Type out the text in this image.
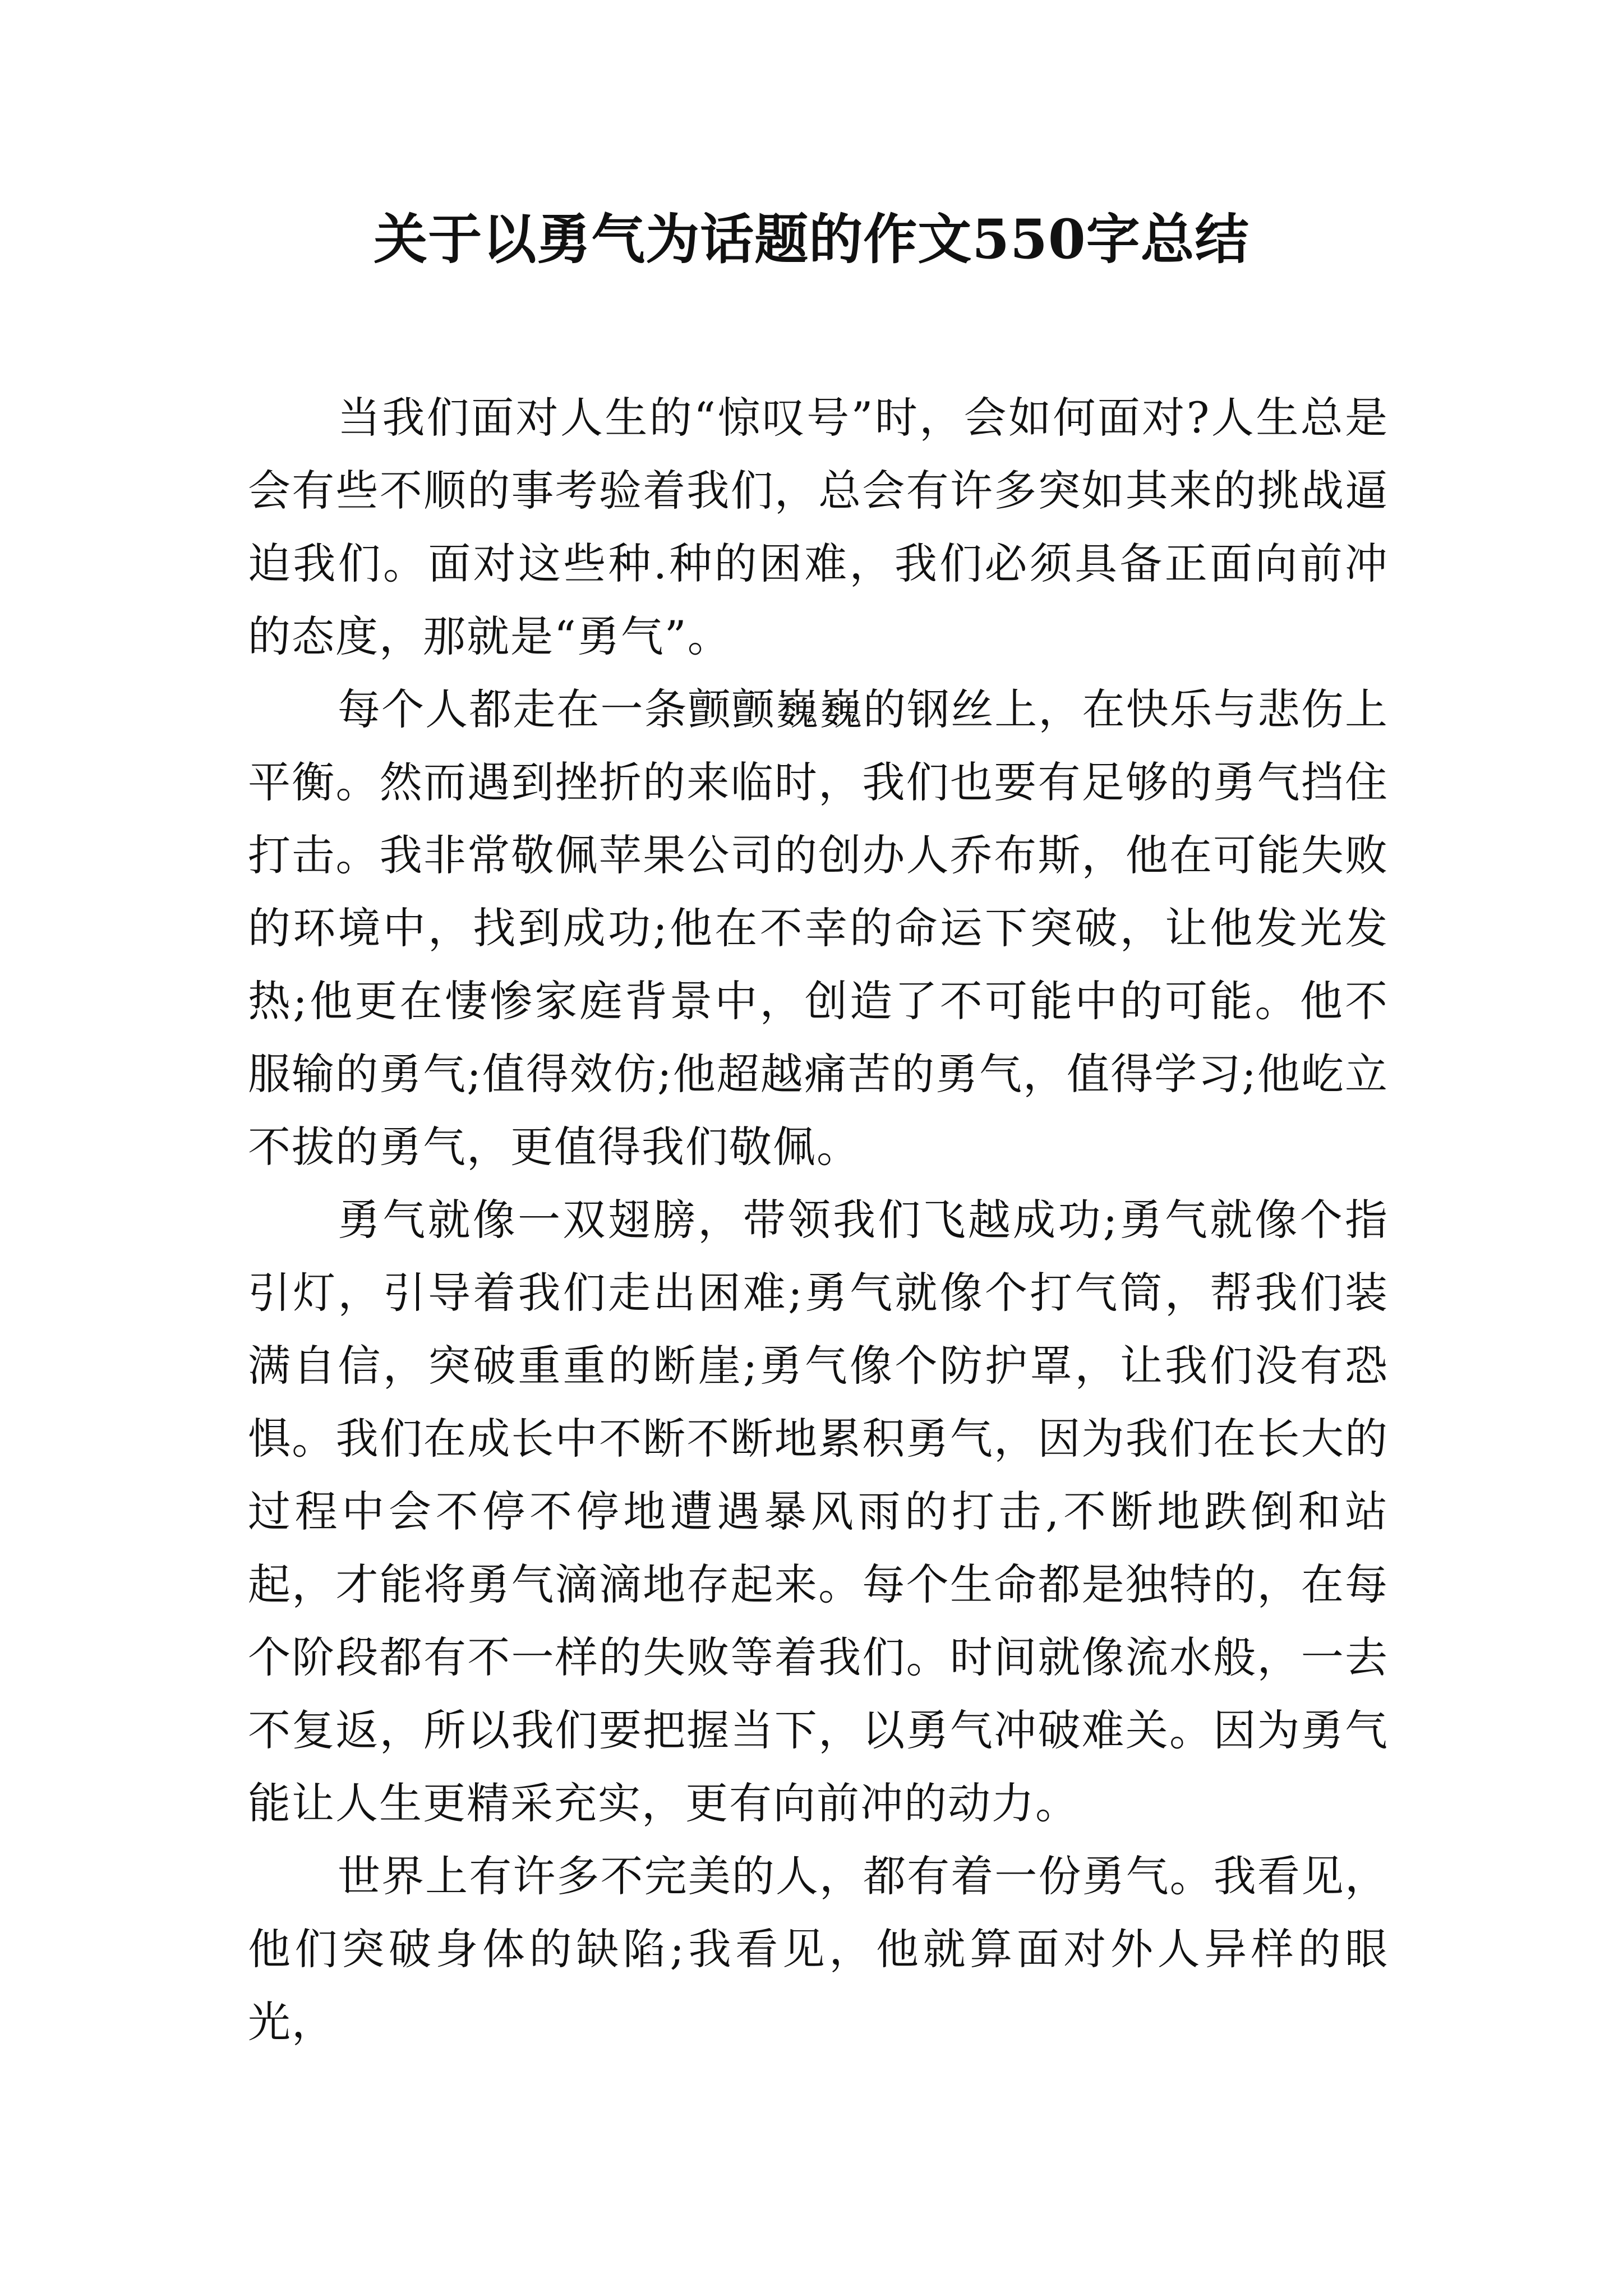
关于以勇气为话题的作文550字总结

当我们面对人生的“惊叹号”时，会如何面对?人生总是会有些不顺的事考验着我们，总会有许多突如其来的挑战逼迫我们。面对这些种.种的困难，我们必须具备正面向前冲的态度，那就是“勇气”。

每个人都走在一条颤颤巍巍的钢丝上，在快乐与悲伤上平衡。然而遇到挫折的来临时，我们也要有足够的勇气挡住打击。我非常敬佩苹果公司的创办人乔布斯，他在可能失败的环境中，找到成功;他在不幸的命运下突破，让他发光发热;他更在悽惨家庭背景中，创造了不可能中的可能。他不服输的勇气;值得效仿;他超越痛苦的勇气，值得学习;他屹立不拔的勇气，更值得我们敬佩。

勇气就像一双翅膀，带领我们飞越成功;勇气就像个指引灯，引导着我们走出困难;勇气就像个打气筒，帮我们装满自信，突破重重的断崖;勇气像个防护罩，让我们没有恐惧。我们在成长中不断不断地累积勇气，因为我们在长大的过程中会不停不停地遭遇暴风雨的打击,不断地跌倒和站起，才能将勇气滴滴地存起来。每个生命都是独特的，在每个阶段都有不一样的失败等着我们。时间就像流水般，一去不复返，所以我们要把握当下，以勇气冲破难关。因为勇气能让人生更精采充实，更有向前冲的动力。

世界上有许多不完美的人，都有着一份勇气。我看见，他们突破身体的缺陷;我看见，他就算面对外人异样的眼光，
